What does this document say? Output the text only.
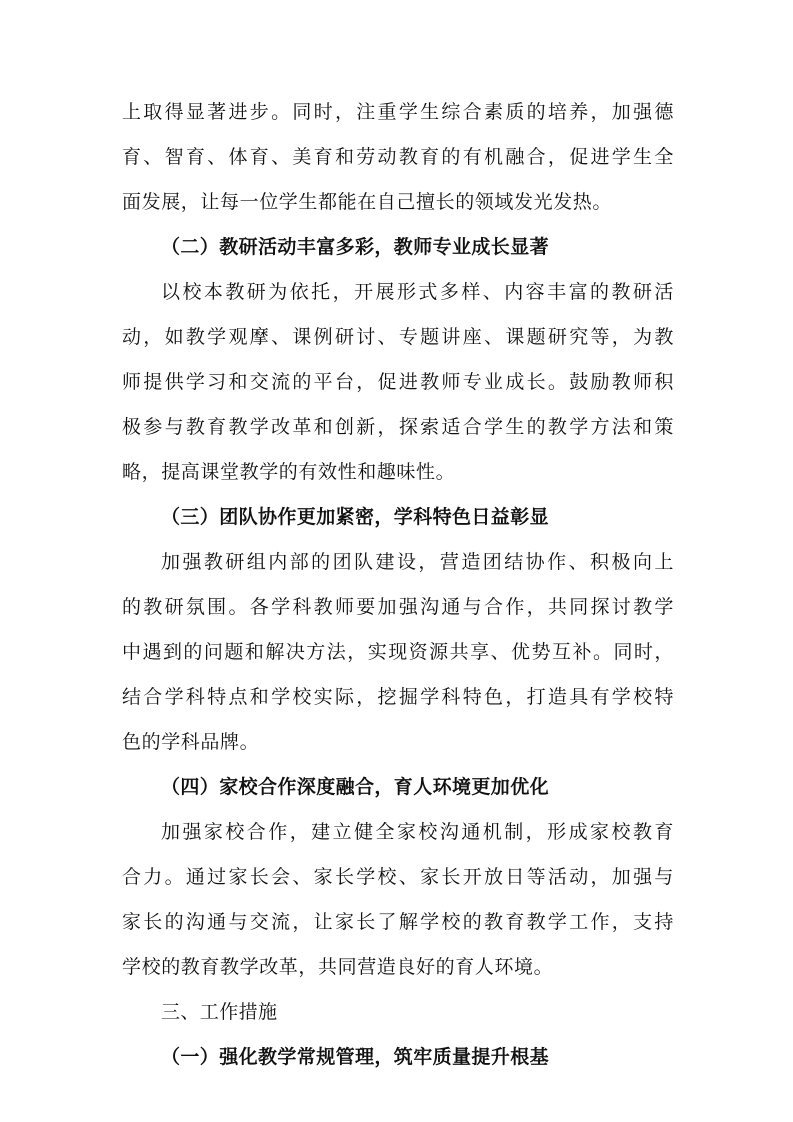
上取得显著进步。同时，注重学生综合素质的培养，加强德
育、智育、体育、美育和劳动教育的有机融合，促进学生全
面发展，让每一位学生都能在自己擅长的领域发光发热。
（二）教研活动丰富多彩，教师专业成长显著
以校本教研为依托，开展形式多样、内容丰富的教研活
动，如教学观摩、课例研讨、专题讲座、课题研究等，为教
师提供学习和交流的平台，促进教师专业成长。鼓励教师积
极参与教育教学改革和创新，探索适合学生的教学方法和策
略，提高课堂教学的有效性和趣味性。
（三）团队协作更加紧密，学科特色日益彰显
加强教研组内部的团队建设，营造团结协作、积极向上
的教研氛围。各学科教师要加强沟通与合作，共同探讨教学
中遇到的问题和解决方法，实现资源共享、优势互补。同时，
结合学科特点和学校实际，挖掘学科特色，打造具有学校特
色的学科品牌。
（四）家校合作深度融合，育人环境更加优化
加强家校合作，建立健全家校沟通机制，形成家校教育
合力。通过家长会、家长学校、家长开放日等活动，加强与
家长的沟通与交流，让家长了解学校的教育教学工作，支持
学校的教育教学改革，共同营造良好的育人环境。
三、工作措施
（一）强化教学常规管理，筑牢质量提升根基
